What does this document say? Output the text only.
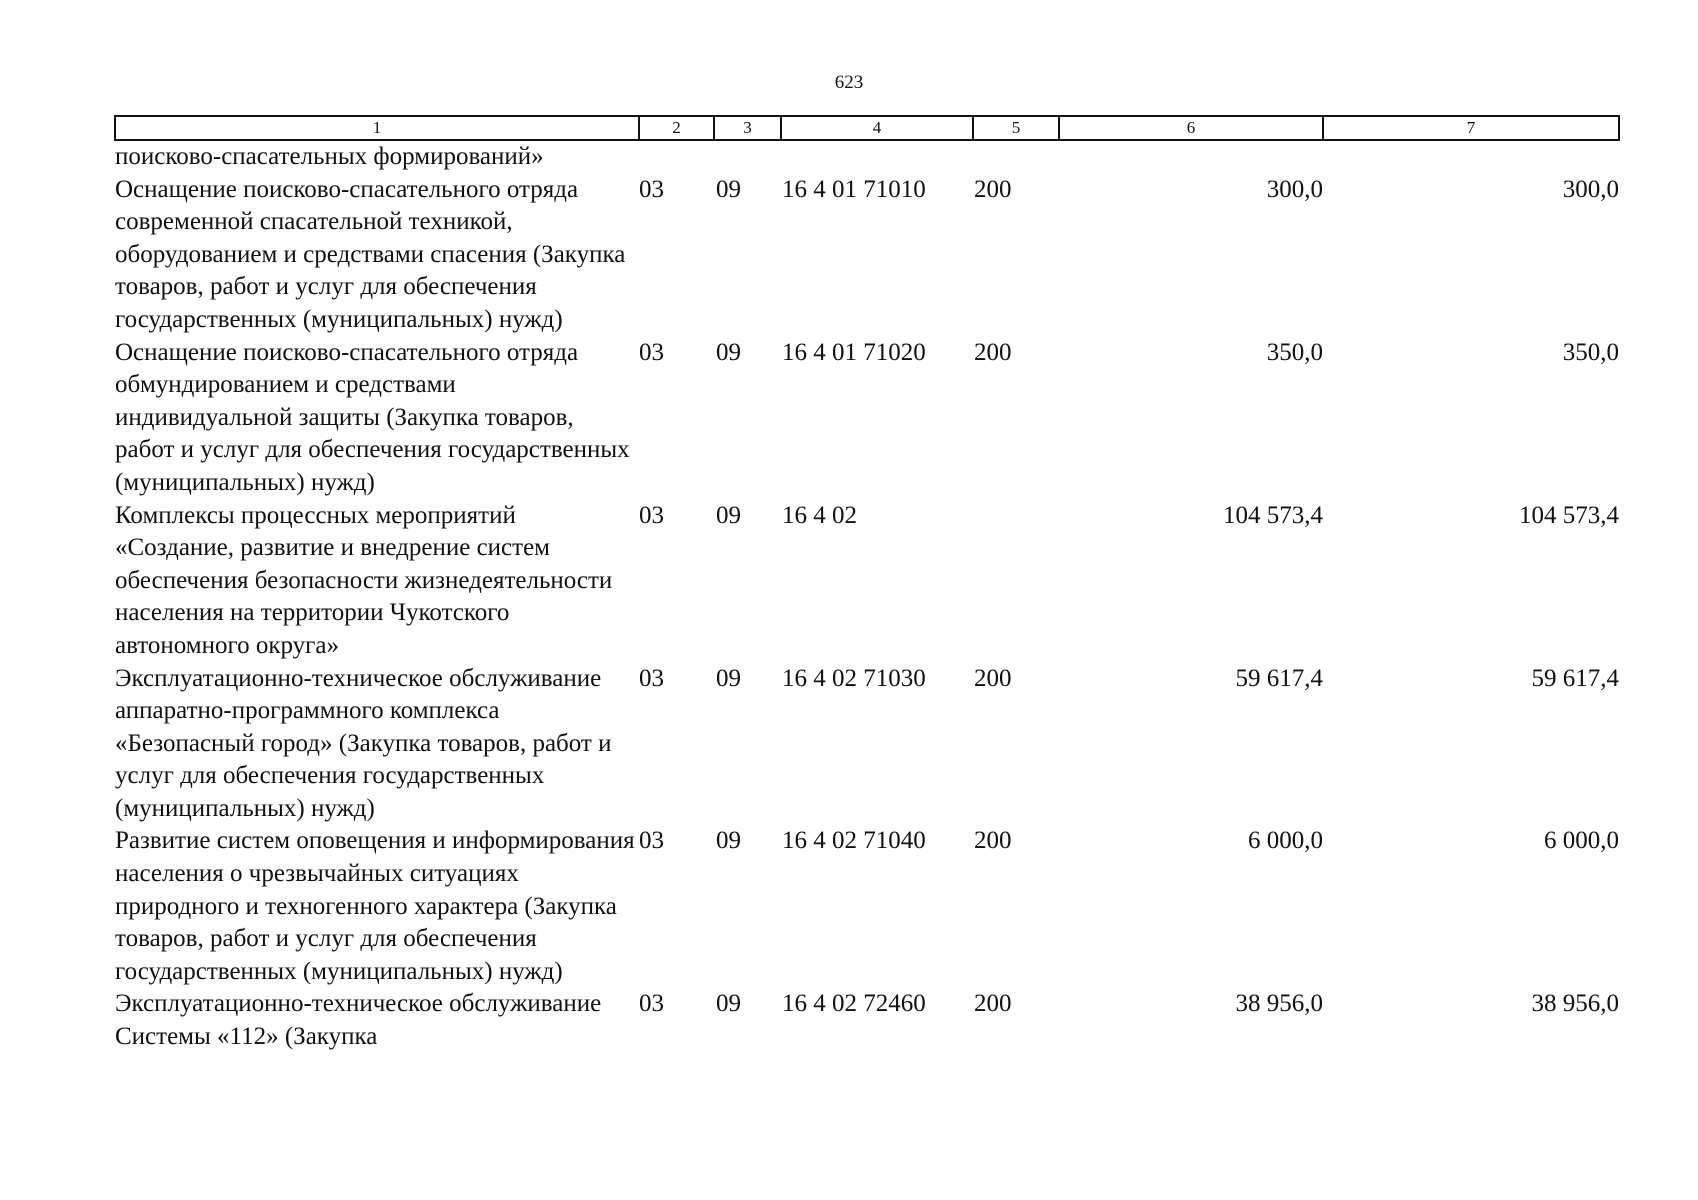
623
1	2	3	4	5	6	7
поисково-спасательных формирований»						
Оснащение поисково-спасательного отряда современной спасательной техникой, оборудованием и средствами спасения (Закупка товаров, работ и услуг для обеспечения государственных (муниципальных) нужд)	03	09	16 4 01 71010	200	300,0	300,0
Оснащение поисково-спасательного отряда обмундированием и средствами индивидуальной защиты (Закупка товаров, работ и услуг для обеспечения государственных (муниципальных) нужд)	03	09	16 4 01 71020	200	350,0	350,0
Комплексы процессных мероприятий «Создание, развитие и внедрение систем обеспечения безопасности жизнедеятельности населения на территории Чукотского автономного округа»	03	09	16 4 02		104 573,4	104 573,4
Эксплуатационно-техническое обслуживание аппаратно-программного комплекса «Безопасный город» (Закупка товаров, работ и услуг для обеспечения государственных (муниципальных) нужд)	03	09	16 4 02 71030	200	59 617,4	59 617,4
Развитие систем оповещения и информирования населения о чрезвычайных ситуациях природного и техногенного характера (Закупка товаров, работ и услуг для обеспечения государственных (муниципальных) нужд)	03	09	16 4 02 71040	200	6 000,0	6 000,0
Эксплуатационно-техническое обслуживание Системы «112» (Закупка	03	09	16 4 02 72460	200	38 956,0	38 956,0
